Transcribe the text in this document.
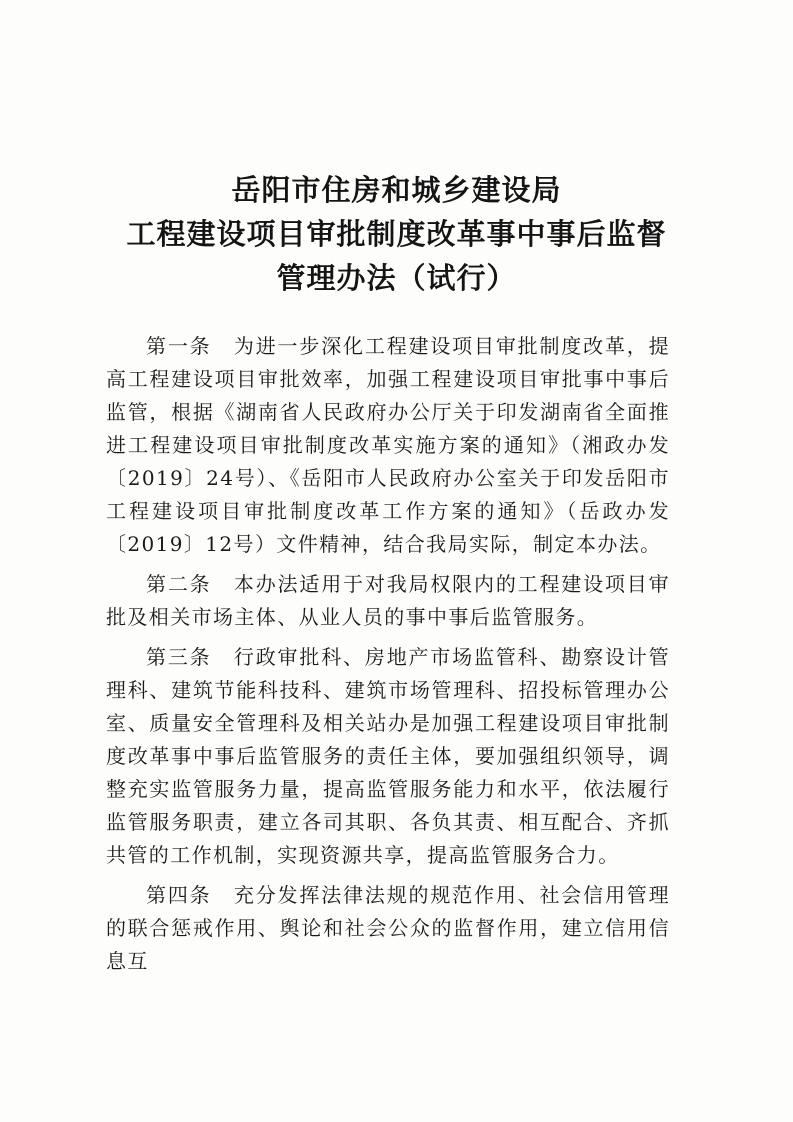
岳阳市住房和城乡建设局
工程建设项目审批制度改革事中事后监督
管理办法（试行）

第一条 为进一步深化工程建设项目审批制度改革，提高工程建设项目审批效率，加强工程建设项目审批事中事后监管，根据《湖南省人民政府办公厅关于印发湖南省全面推进工程建设项目审批制度改革实施方案的通知》（湘政办发〔2019〕24号）、《岳阳市人民政府办公室关于印发岳阳市工程建设项目审批制度改革工作方案的通知》（岳政办发〔2019〕12号）文件精神，结合我局实际，制定本办法。

第二条 本办法适用于对我局权限内的工程建设项目审批及相关市场主体、从业人员的事中事后监管服务。

第三条 行政审批科、房地产市场监管科、勘察设计管理科、建筑节能科技科、建筑市场管理科、招投标管理办公室、质量安全管理科及相关站办是加强工程建设项目审批制度改革事中事后监管服务的责任主体，要加强组织领导，调整充实监管服务力量，提高监管服务能力和水平，依法履行监管服务职责，建立各司其职、各负其责、相互配合、齐抓共管的工作机制，实现资源共享，提高监管服务合力。

第四条 充分发挥法律法规的规范作用、社会信用管理的联合惩戒作用、舆论和社会公众的监督作用，建立信用信息互
